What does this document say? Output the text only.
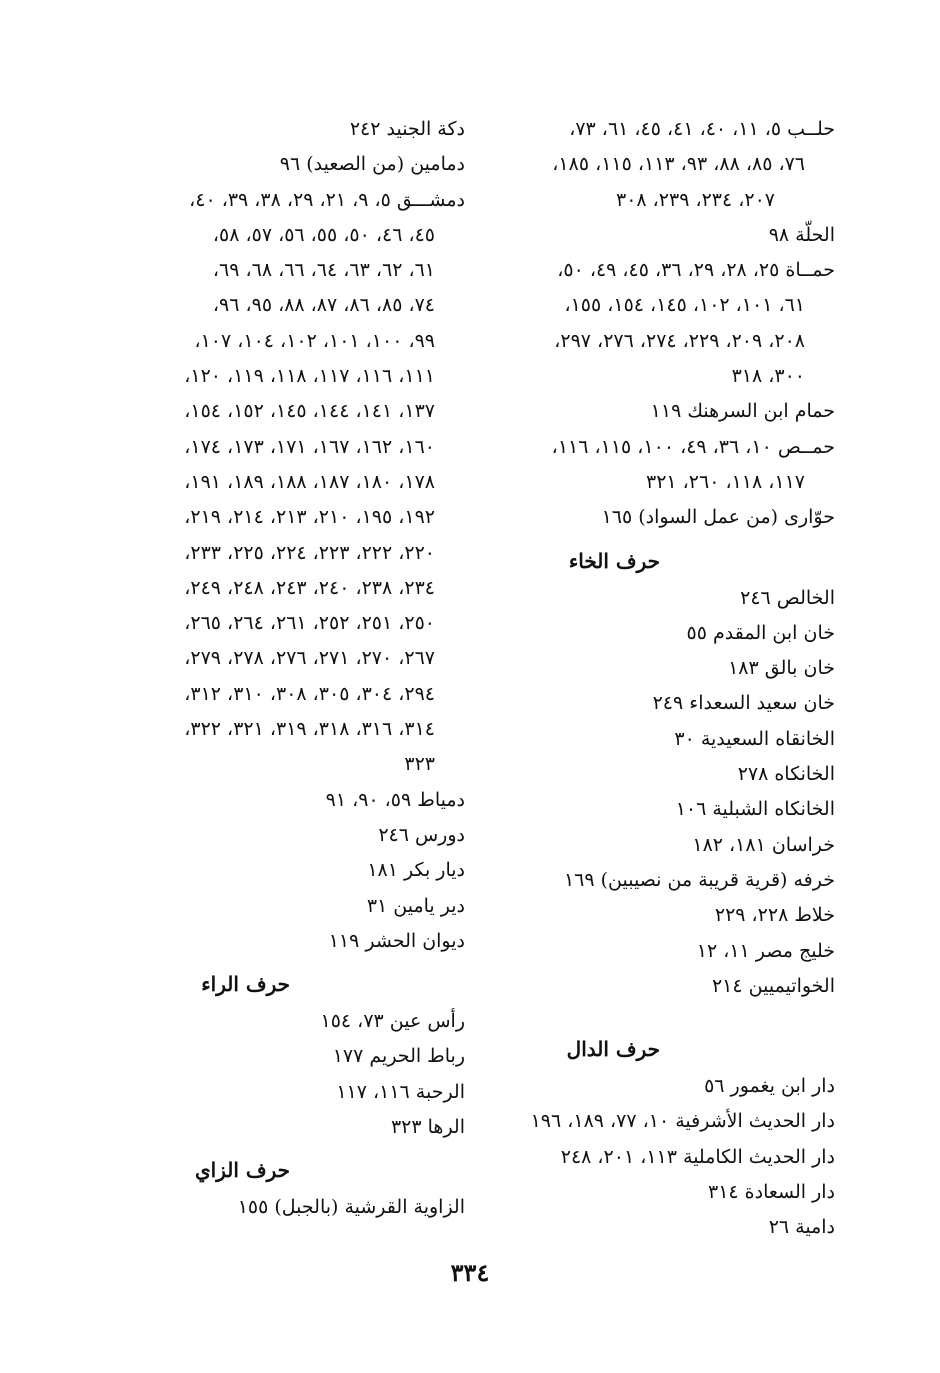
حلــب ٥، ١١، ٤٠، ٤١، ٤٥، ٦١، ٧٣،
٧٦، ٨٥، ٨٨، ٩٣، ١١٣، ١١٥، ١٨٥،
٢٠٧، ٢٣٤، ٢٣٩، ٣٠٨
الحلّة ٩٨
حمــاة ٢٥، ٢٨، ٢٩، ٣٦، ٤٥، ٤٩، ٥٠،
٦١، ١٠١، ١٠٢، ١٤٥، ١٥٤، ١٥٥،
٢٠٨، ٢٠٩، ٢٢٩، ٢٧٤، ٢٧٦، ٢٩٧،
٣٠٠، ٣١٨
حمام ابن السرهنك ١١٩
حمــص ١٠، ٣٦، ٤٩، ١٠٠، ١١٥، ١١٦،
١١٧، ١١٨، ٢٦٠، ٣٢١
حوّارى (من عمل السواد) ١٦٥
حرف الخاء
الخالص ٢٤٦
خان ابن المقدم ٥٥
خان بالق ١٨٣
خان سعيد السعداء ٢٤٩
الخانقاه السعيدية ٣٠
الخانكاه ٢٧٨
الخانكاه الشبلية ١٠٦
خراسان ١٨١، ١٨٢
خرفه (قرية قريبة من نصيبين) ١٦٩
خلاط ٢٢٨، ٢٢٩
خليج مصر ١١، ١٢
الخواتيميين ٢١٤
حرف الدال
دار ابن يغمور ٥٦
دار الحديث الأشرفية ١٠، ٧٧، ١٨٩، ١٩٦
دار الحديث الكاملية ١١٣، ٢٠١، ٢٤٨
دار السعادة ٣١٤
دامية ٢٦
دكة الجنيد ٢٤٢
دمامين (من الصعيد) ٩٦
دمشـــق ٥، ٩، ٢١، ٢٩، ٣٨، ٣٩، ٤٠،
٤٥، ٤٦، ٥٠، ٥٥، ٥٦، ٥٧، ٥٨،
٦١، ٦٢، ٦٣، ٦٤، ٦٦، ٦٨، ٦٩،
٧٤، ٨٥، ٨٦، ٨٧، ٨٨، ٩٥، ٩٦،
٩٩، ١٠٠، ١٠١، ١٠٢، ١٠٤، ١٠٧،
١١١، ١١٦، ١١٧، ١١٨، ١١٩، ١٢٠،
١٣٧، ١٤١، ١٤٤، ١٤٥، ١٥٢، ١٥٤،
١٦٠، ١٦٢، ١٦٧، ١٧١، ١٧٣، ١٧٤،
١٧٨، ١٨٠، ١٨٧، ١٨٨، ١٨٩، ١٩١،
١٩٢، ١٩٥، ٢١٠، ٢١٣، ٢١٤، ٢١٩،
٢٢٠، ٢٢٢، ٢٢٣، ٢٢٤، ٢٢٥، ٢٣٣،
٢٣٤، ٢٣٨، ٢٤٠، ٢٤٣، ٢٤٨، ٢٤٩،
٢٥٠، ٢٥١، ٢٥٢، ٢٦١، ٢٦٤، ٢٦٥،
٢٦٧، ٢٧٠، ٢٧١، ٢٧٦، ٢٧٨، ٢٧٩،
٢٩٤، ٣٠٤، ٣٠٥، ٣٠٨، ٣١٠، ٣١٢،
٣١٤، ٣١٦، ٣١٨، ٣١٩، ٣٢١، ٣٢٢،
٣٢٣
دمياط ٥٩، ٩٠، ٩١
دورس ٢٤٦
ديار بكر ١٨١
دير يامين ٣١
ديوان الحشر ١١٩
حرف الراء
رأس عين ٧٣، ١٥٤
رباط الحريم ١٧٧
الرحبة ١١٦، ١١٧
الرها ٣٢٣
حرف الزاي
الزاوية القرشية (بالجبل) ١٥٥
٣٣٤
